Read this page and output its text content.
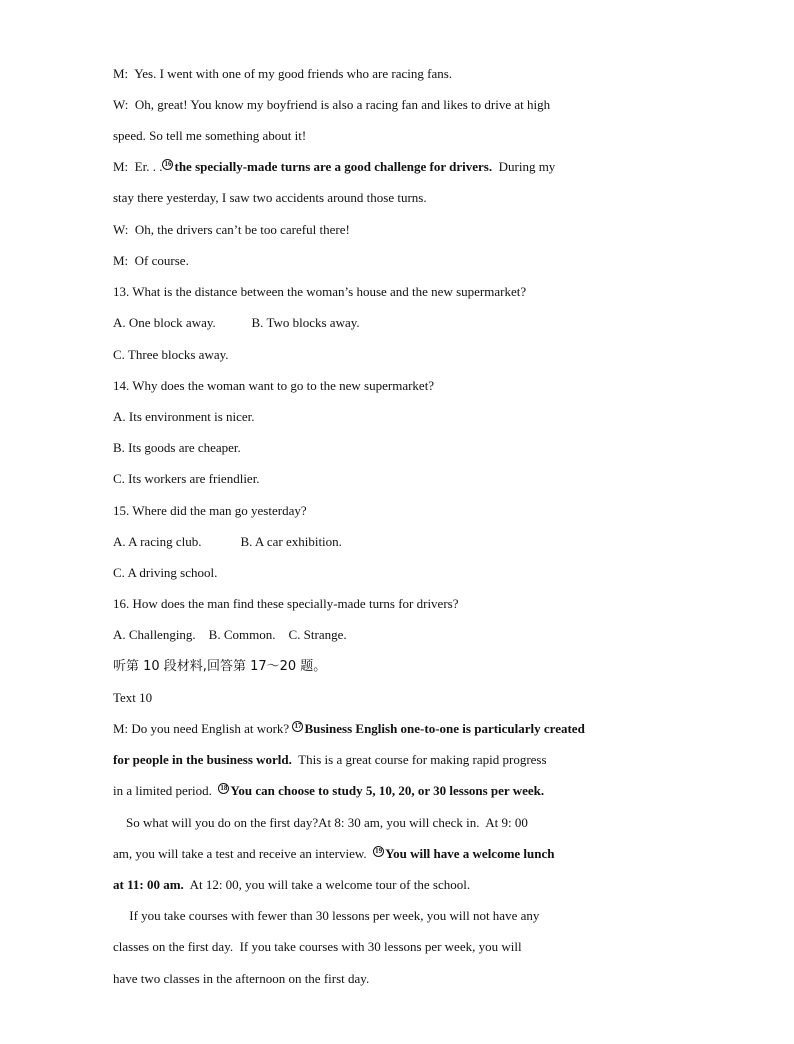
M:  Yes. I went with one of my good friends who are racing fans.
W:  Oh, great! You know my boyfriend is also a racing fan and likes to drive at high
speed. So tell me something about it!
M:  Er. . . 16 the specially-made turns are a good challenge for drivers.  During my
stay there yesterday, I saw two accidents around those turns.
W:  Oh, the drivers can’t be too careful there!
M:  Of course.
13. What is the distance between the woman’s house and the new supermarket?
A. One block away.           B. Two blocks away.
C. Three blocks away.
14. Why does the woman want to go to the new supermarket?
A. Its environment is nicer.
B. Its goods are cheaper.
C. Its workers are friendlier.
15. Where did the man go yesterday?
A. A racing club.            B. A car exhibition.
C. A driving school.
16. How does the man find these specially-made turns for drivers?
A. Challenging.    B. Common.    C. Strange.
听第 10 段材料,回答第 17～20 题。
Text 10
M: Do you need English at work? 17 Business English one-to-one is particularly created
for people in the business world.  This is a great course for making rapid progress
in a limited period.  18 You can choose to study 5, 10, 20, or 30 lessons per week.
So what will you do on the first day?At 8: 30 am, you will check in.  At 9: 00
am, you will take a test and receive an interview.  19 You will have a welcome lunch
at 11: 00 am.  At 12: 00, you will take a welcome tour of the school.
If you take courses with fewer than 30 lessons per week, you will not have any
classes on the first day.  If you take courses with 30 lessons per week, you will
have two classes in the afternoon on the first day.
